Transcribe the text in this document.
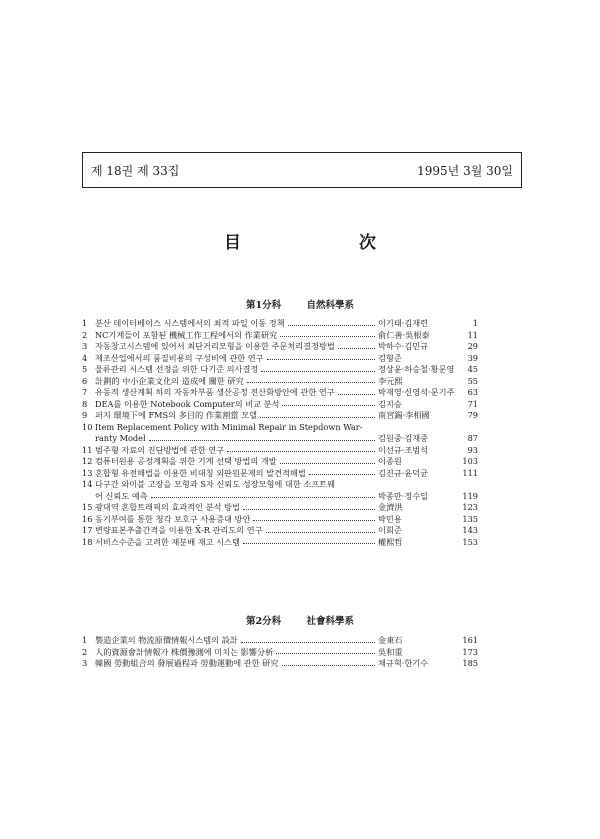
제 18권 제 33집	1995년 3월 30일
目 次
第1分科	自然科學系
1 분산 데이터베이스 시스템에서의 최적 파일 이동 정책	이기태·김재련	1
2 NC기계들이 포함된 機械工作工程에서의 作業研究	俞仁善·吳根泰	11
3 자동창고시스템에 있어서 최단거리모형을 이용한 주문처리결정방법	박하수·김민규	29
4 제조산업에서의 품질비용의 구성비에 관한 연구	김형준	39
5 물류관리 시스템 선정을 위한 다기준 의사결정	정상윤·하승철·황문영	45
6 計劃的 中小企業文化의 造成에 關한 研究	李元熙	55
7 유동적 생산계획 하의 자동차부품 생산공정 전산화방안에 관한 연구	박재영·신영석·문기주	63
8 DEA를 이용한 Notebook Computer의 비교 분석	김지승	71
9 퍼지 環境下에 FMS의 多目的 作業割當 모델	南宮錫·李相國	79
10 Item Replacement Policy with Minimal Repair in Stepdown War-
ranty Model	김원중·김재중	87
11 범주형 자료의 진단방법에 관한 연구	이선규·조범석	93
12 컴퓨터원용 공정계획을 위한 기계 선택 방법의 개발	이종원	103
13 혼합형 유전해법을 이용한 비대칭 외판원문제의 발견적해법	김진규·윤덕균	111
14 다구간 와이블 고장을 모형과 S자 신뢰도 성장모형에 대한 소프트웨
어 신뢰도 예측	박종만·정수일	119
15 광대역 혼합트래픽의 효과적인 분석 방법	金濟洪	123
16 동기부여를 통한 청각 보호구 사용증대 방안	박민용	135
17 변량표본추출간격을 이용한 X̄-R 관리도의 연구	이회준	143
18 서비스수준을 고려한 재분배 재고 시스템	權熙哲	153
第2分科	社會科學系
1 製造企業의 物流原價情報시스템의 設計	金東石	161
2 人的資源會計情報가 株價豫測에 미치는 影響分析	吳和重	173
3 韓國 勞動組合의 發展過程과 勞動運動에 관한 研究	채규혁·한기수	185
